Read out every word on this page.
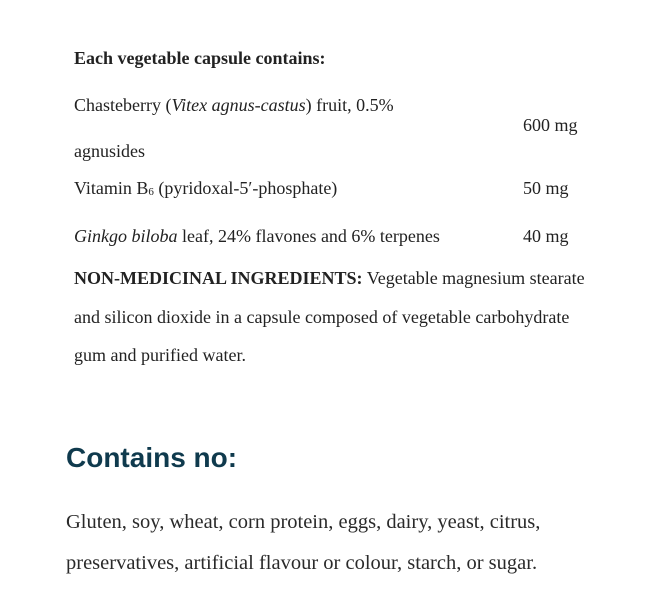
Each vegetable capsule contains:
Chasteberry (Vitex agnus-castus) fruit, 0.5% agnusides
600 mg
Vitamin $B_6$ (pyridoxal-5′-phosphate)	50 mg
Ginkgo biloba leaf, 24% flavones and 6% terpenes	40 mg
NON-MEDICINAL INGREDIENTS: Vegetable magnesium stearate and silicon dioxide in a capsule composed of vegetable carbohydrate gum and purified water.
Contains no:
Gluten, soy, wheat, corn protein, eggs, dairy, yeast, citrus, preservatives, artificial flavour or colour, starch, or sugar.
